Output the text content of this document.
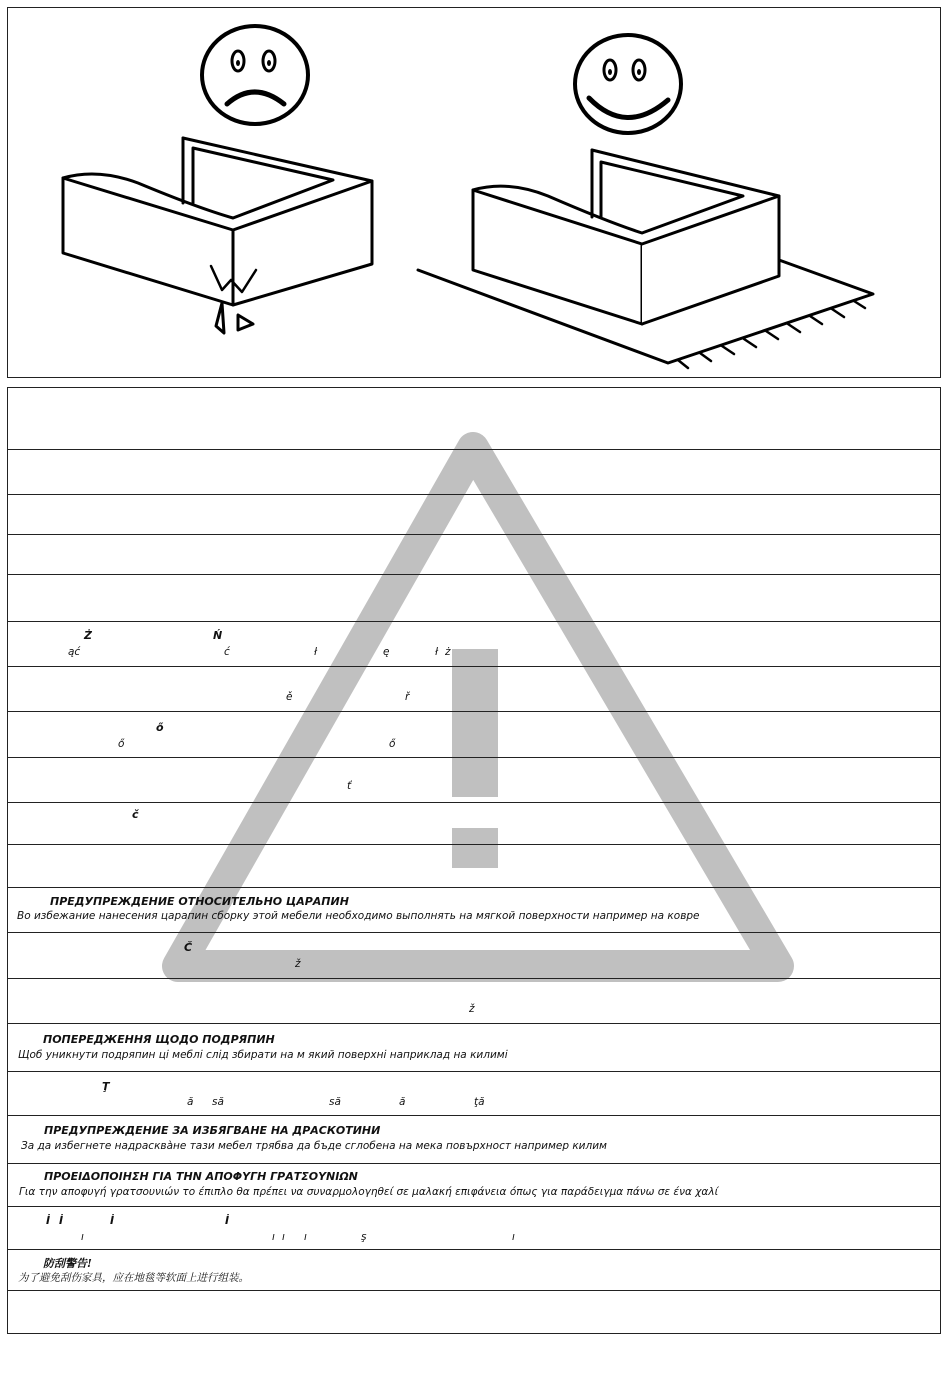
Ż	Ń
ąć	ć	ł	ę	ł ż
ě	ř
ő
ő	ő
ť
č
ПРЕДУПРЕЖДЕНИЕ ОТНОСИТЕЛЬНО ЦАРАПИН
Во избежание нанесения царапин сборку этой мебели необходимо выполнять на мягкой поверхности например на ковре
Č
ž
ž
ПОПЕРЕДЖЕННЯ ЩОДО ПОДРЯПИН
Щоб уникнути подряпин ці меблі слід збирати на м який поверхні наприклад на килимі
Ţ
ă să	să	ă	ţă
ПРЕДУПРЕЖДЕНИЕ ЗА ИЗБЯГВАНЕ НА ДРАСКОТИНИ
За да избегнете надрасква̀не тази мебел трябва да бъде сглобена на мека повърхност например килим
ΠΡΟΕΙΔΟΠΟΙΗΣΗ ΓΙΑ ΤΗΝ ΑΠΟΦΥΓΗ ΓΡΑΤΣΟΥΝΙΩΝ
Για την αποφυγή γρατσουνιών το έπιπλο θα πρέπει να συναρμολογηθεί σε μαλακή επιφάνεια όπως για παράδειγμα πάνω σε ένα χαλί
İ İ	İ	İ
ı	ı ı ı	ş	ı
防刮警告!
为了避免刮伤家具，应在地毯等软面上进行组装。
